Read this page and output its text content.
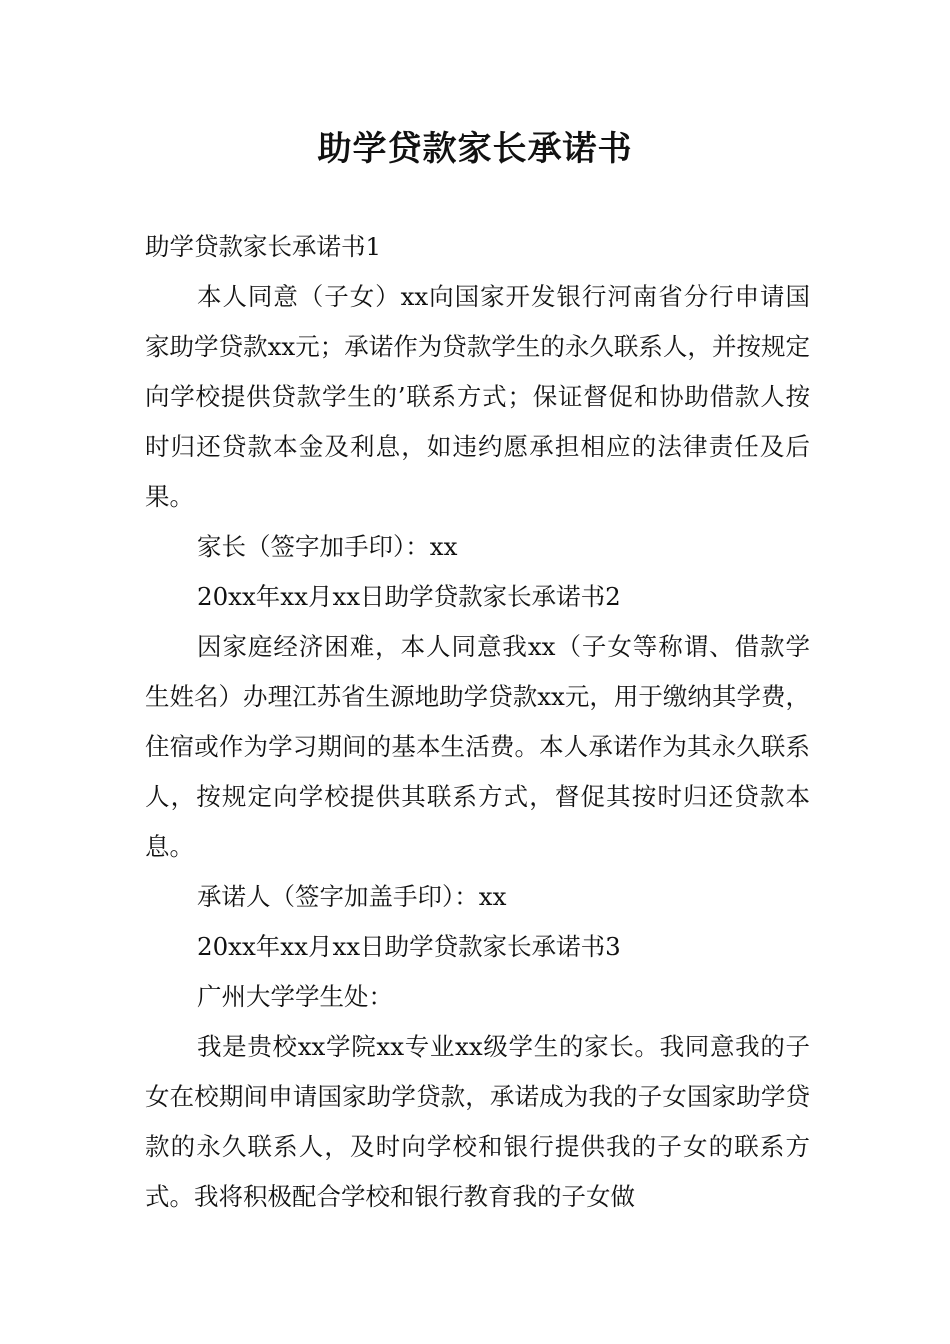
助学贷款家长承诺书

助学贷款家长承诺书1

本人同意（子女）xx向国家开发银行河南省分行申请国家助学贷款xx元；承诺作为贷款学生的永久联系人，并按规定向学校提供贷款学生的’联系方式；保证督促和协助借款人按时归还贷款本金及利息，如违约愿承担相应的法律责任及后果。

家长（签字加手印）：xx

20xx年xx月xx日助学贷款家长承诺书2

因家庭经济困难，本人同意我xx（子女等称谓、借款学生姓名）办理江苏省生源地助学贷款xx元，用于缴纳其学费，住宿或作为学习期间的基本生活费。本人承诺作为其永久联系人，按规定向学校提供其联系方式，督促其按时归还贷款本息。

承诺人（签字加盖手印）：xx

20xx年xx月xx日助学贷款家长承诺书3

广州大学学生处：

我是贵校xx学院xx专业xx级学生的家长。我同意我的子女在校期间申请国家助学贷款，承诺成为我的子女国家助学贷款的永久联系人，及时向学校和银行提供我的子女的联系方式。我将积极配合学校和银行教育我的子女做
